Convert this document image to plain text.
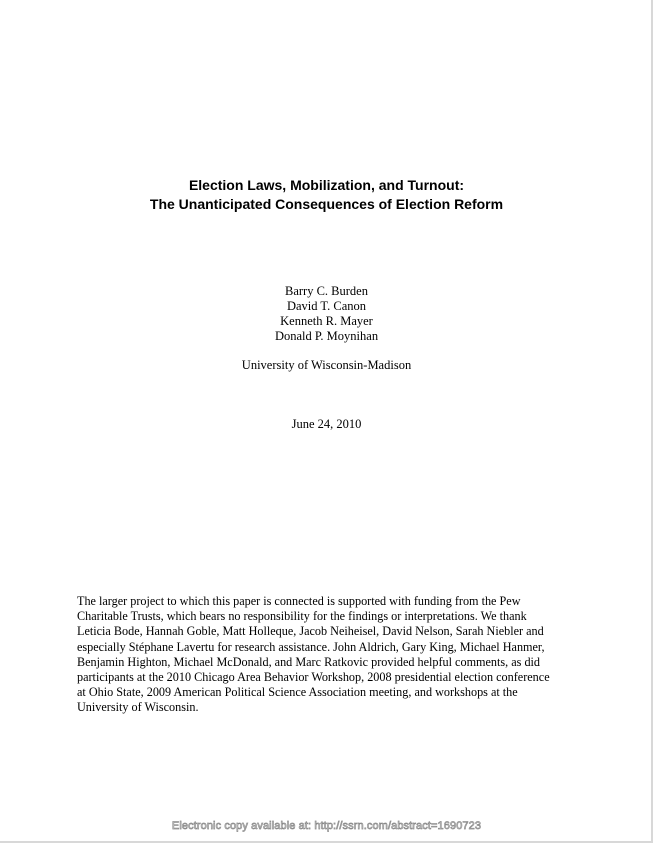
Election Laws, Mobilization, and Turnout:
The Unanticipated Consequences of Election Reform
Barry C. Burden
David T. Canon
Kenneth R. Mayer
Donald P. Moynihan
University of Wisconsin-Madison
June 24, 2010
The larger project to which this paper is connected is supported with funding from the Pew
Charitable Trusts, which bears no responsibility for the findings or interpretations. We thank
Leticia Bode, Hannah Goble, Matt Holleque, Jacob Neiheisel, David Nelson, Sarah Niebler and
especially Stéphane Lavertu for research assistance. John Aldrich, Gary King, Michael Hanmer,
Benjamin Highton, Michael McDonald, and Marc Ratkovic provided helpful comments, as did
participants at the 2010 Chicago Area Behavior Workshop, 2008 presidential election conference
at Ohio State, 2009 American Political Science Association meeting, and workshops at the
University of Wisconsin.
Electronic copy available at: http://ssrn.com/abstract=1690723
